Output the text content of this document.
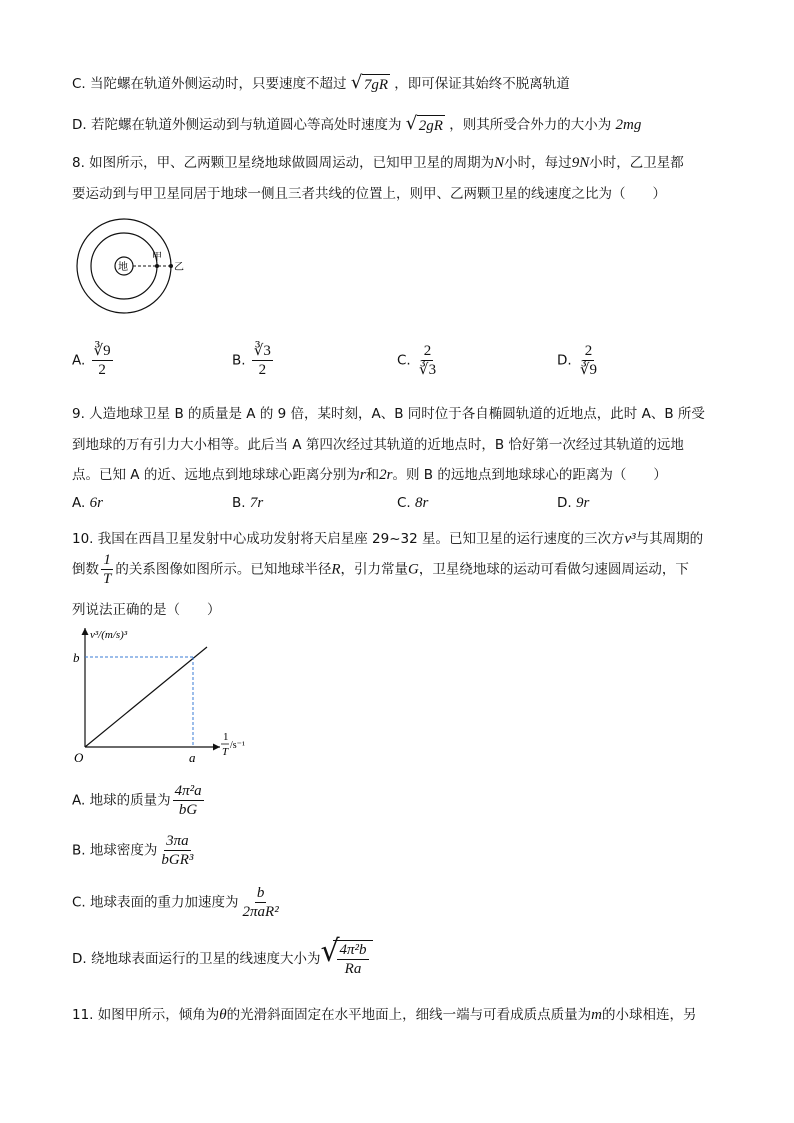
C. 当陀螺在轨道外侧运动时，只要速度不超过 √ 7gR ，即可保证其始终不脱离轨道
D. 若陀螺在轨道外侧运动到与轨道圆心等高处时速度为 √ 2gR ，则其所受合外力的大小为 2mg
8. 如图所示，甲、乙两颗卫星绕地球做圆周运动，已知甲卫星的周期为N小时，每过9N小时，乙卫星都
要运动到与甲卫星同居于地球一侧且三者共线的位置上，则甲、乙两颗卫星的线速度之比为（　　）
地
甲
乙
A. $\frac{∛9}{2}$	B. $\frac{∛3}{2}$	C. $\frac{2}{∛3}$	D. $\frac{2}{∛9}$
9. 人造地球卫星 B 的质量是 A 的 9 倍，某时刻，A、B 同时位于各自椭圆轨道的近地点，此时 A、B 所受
到地球的万有引力大小相等。此后当 A 第四次经过其轨道的近地点时，B 恰好第一次经过其轨道的远地
点。已知 A 的近、远地点到地球球心距离分别为r和2r。则 B 的远地点到地球球心的距离为（　　）
A. 6r	B. 7r	C. 8r	D. 9r
10. 我国在西昌卫星发射中心成功发射将天启星座 29~32 星。已知卫星的运行速度的三次方v³与其周期的
倒数 $\frac{1}{T}$ 的关系图像如图所示。已知地球半径R，引力常量G，卫星绕地球的运动可看做匀速圆周运动，下
列说法正确的是（　　）
v³/(m/s)³
O	a
b
1
T
/s⁻¹
A. 地球的质量为 $\frac{\text{4π²a}}{bG}$
B. 地球密度为 $\frac{3\pi a}{\text{bGR³}}$
C. 地球表面的重力加速度为 $\frac{b}{\text{2πaR²}}$
D. 绕地球表面运行的卫星的线速度大小为 √
$\frac{\text{4π²b}}{Ra}$
11. 如图甲所示，倾角为θ的光滑斜面固定在水平地面上，细线一端与可看成质点质量为m的小球相连，另
